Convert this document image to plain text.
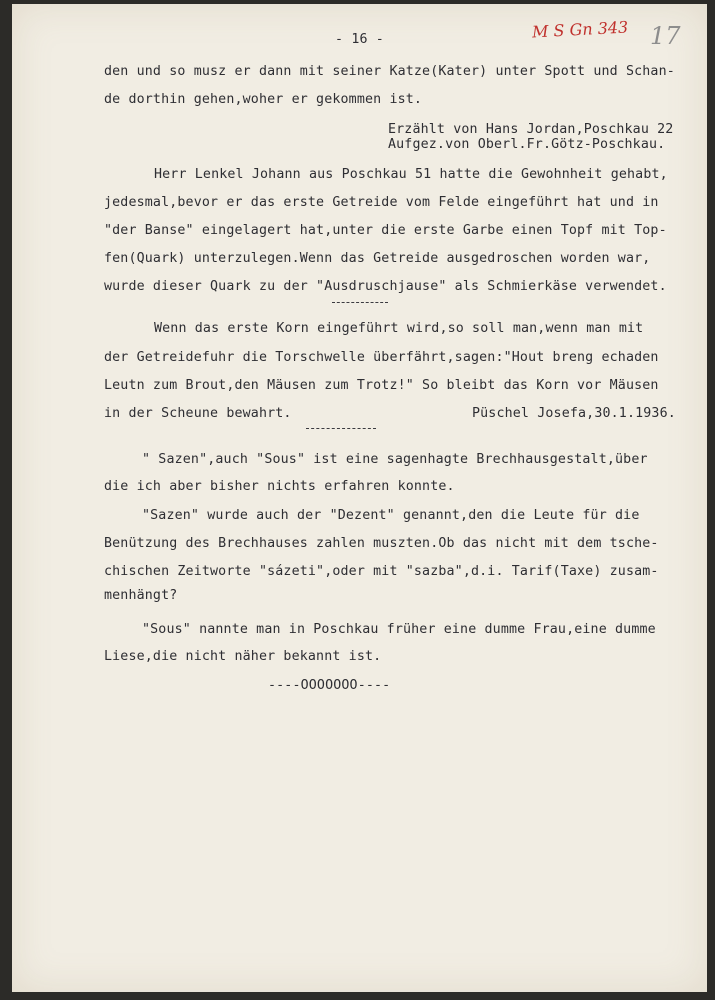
M S Gn 343 17
- 16 -
den und so musz er dann mit seiner Katze(Kater) unter Spott und Schan-
de dorthin gehen,woher er gekommen ist.
Erzählt von Hans Jordan,Poschkau 22
Aufgez.von Oberl.Fr.Götz-Poschkau.
Herr Lenkel Johann aus Poschkau 51 hatte die Gewohnheit gehabt,
jedesmal,bevor er das erste Getreide vom Felde eingeführt hat und in
"der Banse" eingelagert hat,unter die erste Garbe einen Topf mit Top-
fen(Quark) unterzulegen.Wenn das Getreide ausgedroschen worden war,
wurde dieser Quark zu der "Ausdruschjause" als Schmierkäse verwendet.
Wenn das erste Korn eingeführt wird,so soll man,wenn man mit
der Getreidefuhr die Torschwelle überfährt,sagen:"Hout breng echaden
Leutn zum Brout,den Mäusen zum Trotz!" So bleibt das Korn vor Mäusen
in der Scheune bewahrt.	Püschel Josefa,30.1.1936.
" Sazen",auch "Sous" ist eine sagenhagte Brechhausgestalt,über
die ich aber bisher nichts erfahren konnte.
"Sazen" wurde auch der "Dezent" genannt,den die Leute für die
Benützung des Brechhauses zahlen muszten.Ob das nicht mit dem tsche-
chischen Zeitworte "sázeti",oder mit "sazba",d.i. Tarif(Taxe) zusam-
menhängt?
"Sous" nannte man in Poschkau früher eine dumme Frau,eine dumme
Liese,die nicht näher bekannt ist.
----OOOOOOO----
